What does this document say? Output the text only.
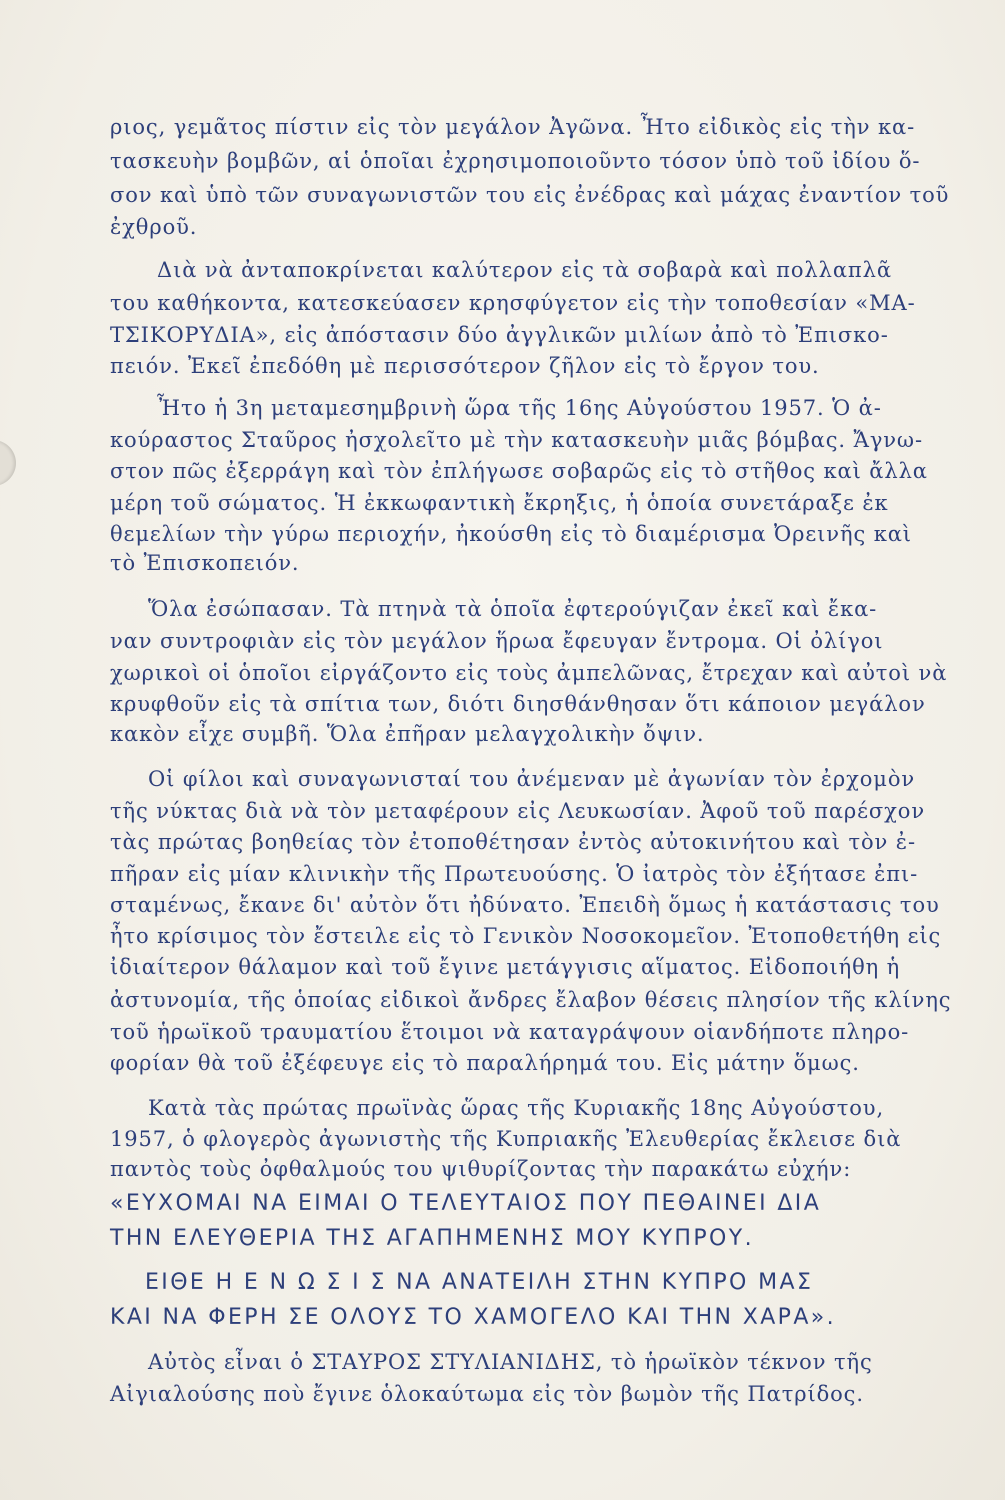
ριος, γεμᾶτος πίστιν εἰς τὸν μεγάλον Ἀγῶνα. Ἦτο εἰδικὸς εἰς τὴν κα-
τασκευὴν βομβῶν, αἱ ὁποῖαι ἐχρησιμοποιοῦντο τόσον ὑπὸ τοῦ ἰδίου ὅ-
σον καὶ ὑπὸ τῶν συναγωνιστῶν του εἰς ἐνέδρας καὶ μάχας ἐναντίον τοῦ
ἐχθροῦ.
Διὰ νὰ ἀνταποκρίνεται καλύτερον εἰς τὰ σοβαρὰ καὶ πολλαπλᾶ
του καθήκοντα, κατεσκεύασεν κρησφύγετον εἰς τὴν τοποθεσίαν «ΜΑ-
ΤΣΙΚΟΡΥΔΙΑ», εἰς ἀπόστασιν δύο ἀγγλικῶν μιλίων ἀπὸ τὸ Ἐπισκο-
πειόν. Ἐκεῖ ἐπεδόθη μὲ περισσότερον ζῆλον εἰς τὸ ἔργον του.
Ἦτο ἡ 3η μεταμεσημβρινὴ ὥρα τῆς 16ης Αὐγούστου 1957. Ὁ ἀ-
κούραστος Σταῦρος ἠσχολεῖτο μὲ τὴν κατασκευὴν μιᾶς βόμβας. Ἄγνω-
στον πῶς ἐξερράγη καὶ τὸν ἐπλήγωσε σοβαρῶς εἰς τὸ στῆθος καὶ ἄλλα
μέρη τοῦ σώματος. Ἡ ἐκκωφαντικὴ ἔκρηξις, ἡ ὁποία συνετάραξε ἐκ
θεμελίων τὴν γύρω περιοχήν, ἠκούσθη εἰς τὸ διαμέρισμα Ὀρεινῆς καὶ
τὸ Ἐπισκοπειόν.
Ὅλα ἐσώπασαν. Τὰ πτηνὰ τὰ ὁποῖα ἐφτερούγιζαν ἐκεῖ καὶ ἔκα-
ναν συντροφιὰν εἰς τὸν μεγάλον ἥρωα ἔφευγαν ἔντρομα. Οἱ ὀλίγοι
χωρικοὶ οἱ ὁποῖοι εἰργάζοντο εἰς τοὺς ἀμπελῶνας, ἔτρεχαν καὶ αὐτοὶ νὰ
κρυφθοῦν εἰς τὰ σπίτια των, διότι διησθάνθησαν ὅτι κάποιον μεγάλον
κακὸν εἶχε συμβῆ. Ὅλα ἐπῆραν μελαγχολικὴν ὄψιν.
Οἱ φίλοι καὶ συναγωνισταί του ἀνέμεναν μὲ ἀγωνίαν τὸν ἐρχομὸν
τῆς νύκτας διὰ νὰ τὸν μεταφέρουν εἰς Λευκωσίαν. Ἀφοῦ τοῦ παρέσχον
τὰς πρώτας βοηθείας τὸν ἐτοποθέτησαν ἐντὸς αὐτοκινήτου καὶ τὸν ἐ-
πῆραν εἰς μίαν κλινικὴν τῆς Πρωτευούσης. Ὁ ἰατρὸς τὸν ἐξήτασε ἐπι-
σταμένως, ἔκανε δι' αὐτὸν ὅτι ἠδύνατο. Ἐπειδὴ ὅμως ἡ κατάστασις του
ἦτο κρίσιμος τὸν ἔστειλε εἰς τὸ Γενικὸν Νοσοκομεῖον. Ἐτοποθετήθη εἰς
ἰδιαίτερον θάλαμον καὶ τοῦ ἔγινε μετάγγισις αἵματος. Εἰδοποιήθη ἡ
ἀστυνομία, τῆς ὁποίας εἰδικοὶ ἄνδρες ἔλαβον θέσεις πλησίον τῆς κλίνης
τοῦ ἡρωϊκοῦ τραυματίου ἕτοιμοι νὰ καταγράψουν οἱανδήποτε πληρο-
φορίαν θὰ τοῦ ἐξέφευγε εἰς τὸ παραλήρημά του. Εἰς μάτην ὅμως.
Κατὰ τὰς πρώτας πρωϊνὰς ὥρας τῆς Κυριακῆς 18ης Αὐγούστου,
1957, ὁ φλογερὸς ἀγωνιστὴς τῆς Κυπριακῆς Ἐλευθερίας ἔκλεισε διὰ
παντὸς τοὺς ὀφθαλμούς του ψιθυρίζοντας τὴν παρακάτω εὐχήν:
«ΕΥΧΟΜΑΙ ΝΑ ΕΙΜΑΙ Ο ΤΕΛΕΥΤΑΙΟΣ ΠΟΥ ΠΕΘΑΙΝΕΙ ΔΙΑ
ΤΗΝ ΕΛΕΥΘΕΡΙΑ ΤΗΣ ΑΓΑΠΗΜΕΝΗΣ ΜΟΥ ΚΥΠΡΟΥ.
ΕΙΘΕ Η Ε Ν Ω Σ Ι Σ ΝΑ ΑΝΑΤΕΙΛΗ ΣΤΗΝ ΚΥΠΡΟ ΜΑΣ
ΚΑΙ ΝΑ ΦΕΡΗ ΣΕ ΟΛΟΥΣ ΤΟ ΧΑΜΟΓΕΛΟ ΚΑΙ ΤΗΝ ΧΑΡΑ».
Αὐτὸς εἶναι ὁ ΣΤΑΥΡΟΣ ΣΤΥΛΙΑΝΙΔΗΣ, τὸ ἡρωϊκὸν τέκνον τῆς
Αἰγιαλούσης ποὺ ἔγινε ὁλοκαύτωμα εἰς τὸν βωμὸν τῆς Πατρίδος.
